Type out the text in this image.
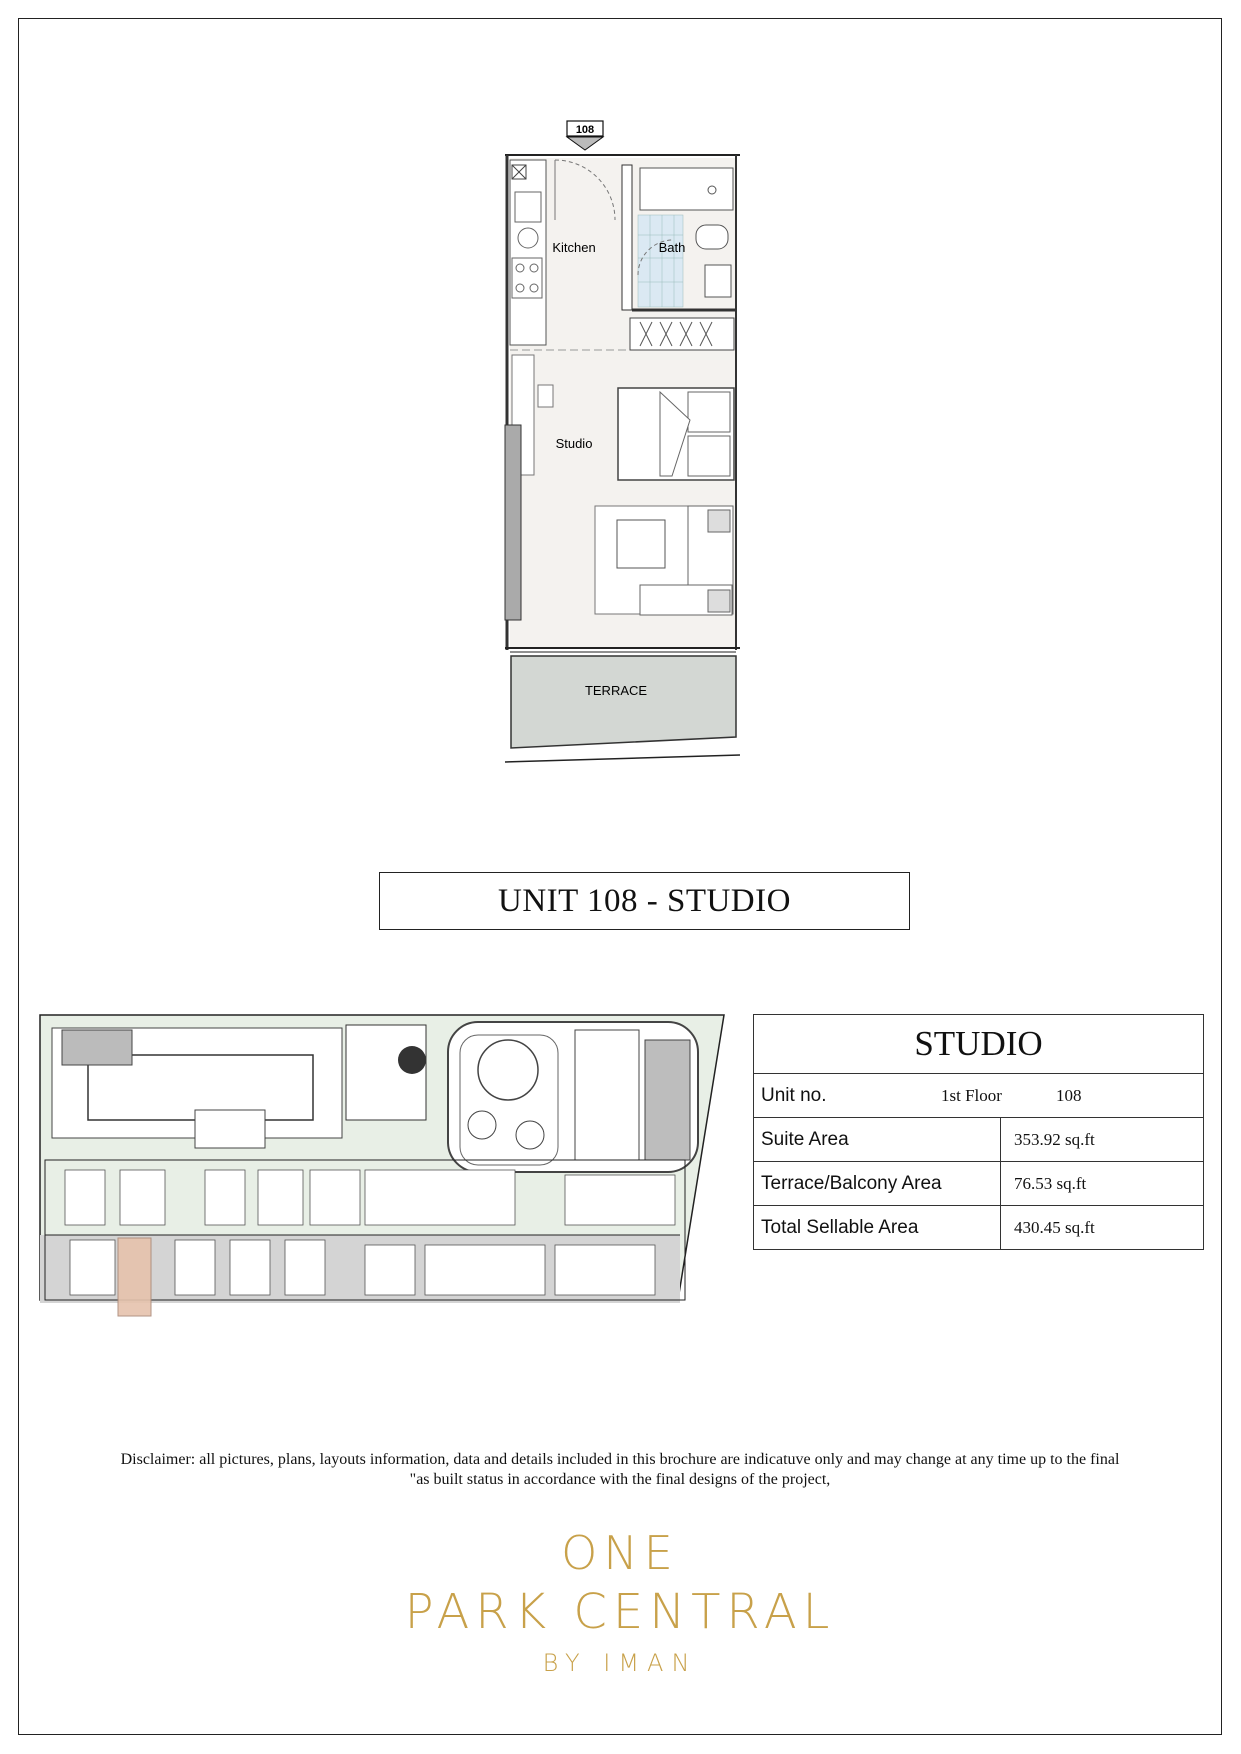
108
Kitchen	Bath
Studio
TERRACE
UNIT 108 - STUDIO
STUDIO	

Unit no. 1st Floor 108	

Suite Area	353.92 sq.ft
Terrace/Balcony Area	76.53 sq.ft
Total Sellable Area	430.45 sq.ft
Disclaimer: all pictures, plans, layouts information, data and details included in this brochure are indicatuve only and may change at any time up to the final
"as built status in accordance with the final designs of the project,
ONE
PARK CENTRAL
BY IMAN
